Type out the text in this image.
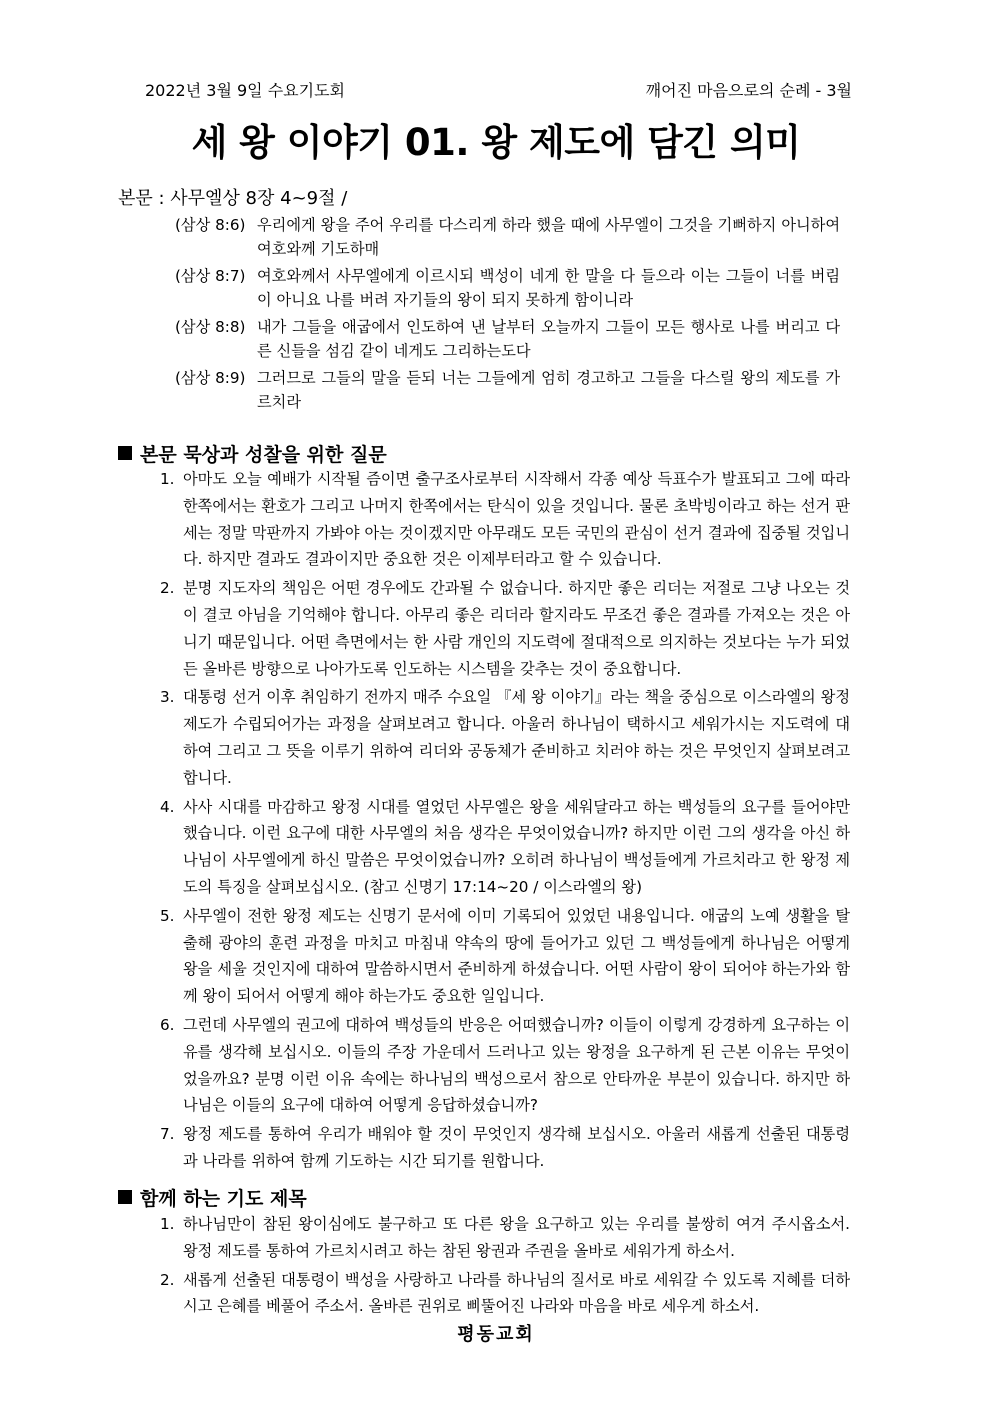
2022년 3월 9일 수요기도회	깨어진 마음으로의 순례 - 3월
세 왕 이야기 01. 왕 제도에 담긴 의미
본문 : 사무엘상 8장 4~9절 /
(삼상 8:6) 우리에게 왕을 주어 우리를 다스리게 하라 했을 때에 사무엘이 그것을 기뻐하지 아니하여 여호와께 기도하매
(삼상 8:7) 여호와께서 사무엘에게 이르시되 백성이 네게 한 말을 다 들으라 이는 그들이 너를 버림이 아니요 나를 버려 자기들의 왕이 되지 못하게 함이니라
(삼상 8:8) 내가 그들을 애굽에서 인도하여 낸 날부터 오늘까지 그들이 모든 행사로 나를 버리고 다른 신들을 섬김 같이 네게도 그리하는도다
(삼상 8:9) 그러므로 그들의 말을 듣되 너는 그들에게 엄히 경고하고 그들을 다스릴 왕의 제도를 가르치라
본문 묵상과 성찰을 위한 질문
1. 아마도 오늘 예배가 시작될 즘이면 출구조사로부터 시작해서 각종 예상 득표수가 발표되고 그에 따라 한쪽에서는 환호가 그리고 나머지 한쪽에서는 탄식이 있을 것입니다. 물론 초박빙이라고 하는 선거 판세는 정말 막판까지 가봐야 아는 것이겠지만 아무래도 모든 국민의 관심이 선거 결과에 집중될 것입니다. 하지만 결과도 결과이지만 중요한 것은 이제부터라고 할 수 있습니다.
2. 분명 지도자의 책임은 어떤 경우에도 간과될 수 없습니다. 하지만 좋은 리더는 저절로 그냥 나오는 것이 결코 아님을 기억해야 합니다. 아무리 좋은 리더라 할지라도 무조건 좋은 결과를 가져오는 것은 아니기 때문입니다. 어떤 측면에서는 한 사람 개인의 지도력에 절대적으로 의지하는 것보다는 누가 되었든 올바른 방향으로 나아가도록 인도하는 시스템을 갖추는 것이 중요합니다.
3. 대통령 선거 이후 취임하기 전까지 매주 수요일 『세 왕 이야기』라는 책을 중심으로 이스라엘의 왕정 제도가 수립되어가는 과정을 살펴보려고 합니다. 아울러 하나님이 택하시고 세워가시는 지도력에 대하여 그리고 그 뜻을 이루기 위하여 리더와 공동체가 준비하고 치러야 하는 것은 무엇인지 살펴보려고 합니다.
4. 사사 시대를 마감하고 왕정 시대를 열었던 사무엘은 왕을 세워달라고 하는 백성들의 요구를 들어야만 했습니다. 이런 요구에 대한 사무엘의 처음 생각은 무엇이었습니까? 하지만 이런 그의 생각을 아신 하나님이 사무엘에게 하신 말씀은 무엇이었습니까? 오히려 하나님이 백성들에게 가르치라고 한 왕정 제도의 특징을 살펴보십시오. (참고 신명기 17:14~20 / 이스라엘의 왕)
5. 사무엘이 전한 왕정 제도는 신명기 문서에 이미 기록되어 있었던 내용입니다. 애굽의 노예 생활을 탈출해 광야의 훈련 과정을 마치고 마침내 약속의 땅에 들어가고 있던 그 백성들에게 하나님은 어떻게 왕을 세울 것인지에 대하여 말씀하시면서 준비하게 하셨습니다. 어떤 사람이 왕이 되어야 하는가와 함께 왕이 되어서 어떻게 해야 하는가도 중요한 일입니다.
6. 그런데 사무엘의 권고에 대하여 백성들의 반응은 어떠했습니까? 이들이 이렇게 강경하게 요구하는 이유를 생각해 보십시오. 이들의 주장 가운데서 드러나고 있는 왕정을 요구하게 된 근본 이유는 무엇이었을까요? 분명 이런 이유 속에는 하나님의 백성으로서 참으로 안타까운 부분이 있습니다. 하지만 하나님은 이들의 요구에 대하여 어떻게 응답하셨습니까?
7. 왕정 제도를 통하여 우리가 배워야 할 것이 무엇인지 생각해 보십시오. 아울러 새롭게 선출된 대통령과 나라를 위하여 함께 기도하는 시간 되기를 원합니다.
함께 하는 기도 제목
1. 하나님만이 참된 왕이심에도 불구하고 또 다른 왕을 요구하고 있는 우리를 불쌍히 여겨 주시옵소서. 왕정 제도를 통하여 가르치시려고 하는 참된 왕권과 주권을 올바로 세워가게 하소서.
2. 새롭게 선출된 대통령이 백성을 사랑하고 나라를 하나님의 질서로 바로 세워갈 수 있도록 지혜를 더하시고 은혜를 베풀어 주소서. 올바른 권위로 삐뚤어진 나라와 마음을 바로 세우게 하소서.
평동교회
